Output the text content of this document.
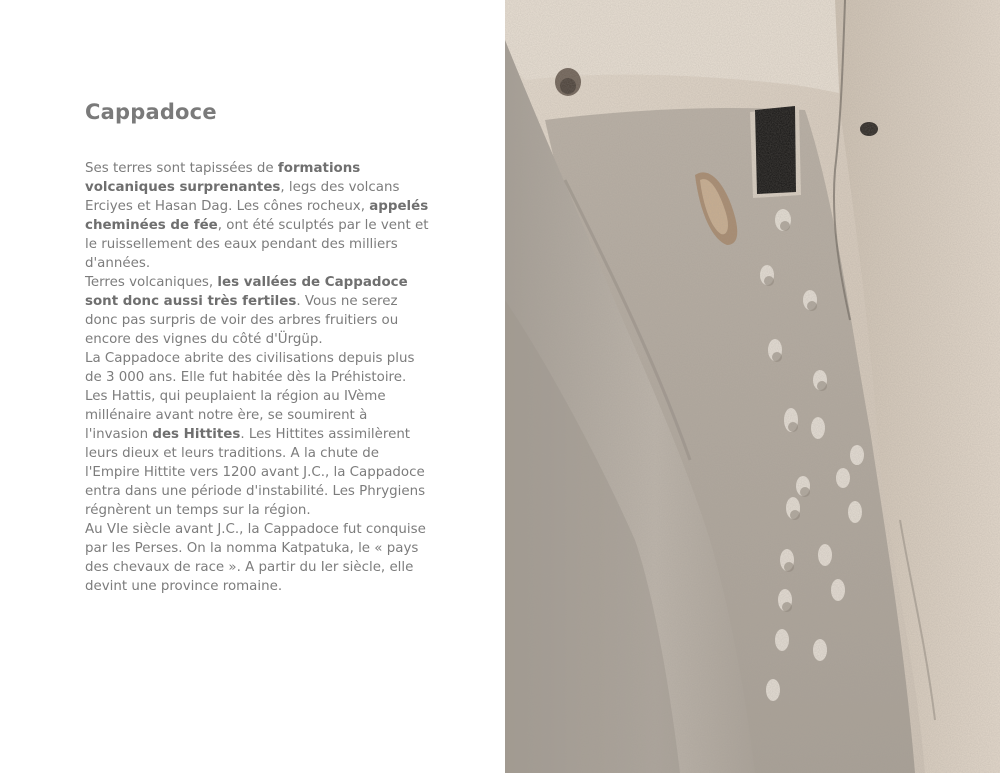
Cappadoce

Ses terres sont tapissées de formations volcaniques surprenantes, legs des volcans Erciyes et Hasan Dag. Les cônes rocheux, appelés cheminées de fée, ont été sculptés par le vent et le ruissellement des eaux pendant des milliers d'années.

Terres volcaniques, les vallées de Cappadoce sont donc aussi très fertiles. Vous ne serez donc pas surpris de voir des arbres fruitiers ou encore des vignes du côté d'Ürgüp.

La Cappadoce abrite des civilisations depuis plus de 3 000 ans. Elle fut habitée dès la Préhistoire. Les Hattis, qui peuplaient la région au IVème millénaire avant notre ère, se soumirent à l'invasion des Hittites. Les Hittites assimilèrent leurs dieux et leurs traditions. A la chute de l'Empire Hittite vers 1200 avant J.C., la Cappadoce entra dans une période d'instabilité. Les Phrygiens régnèrent un temps sur la région.

Au VIe siècle avant J.C., la Cappadoce fut conquise par les Perses. On la nomma Katpatuka, le « pays des chevaux de race ». A partir du Ier siècle, elle devint une province romaine.
